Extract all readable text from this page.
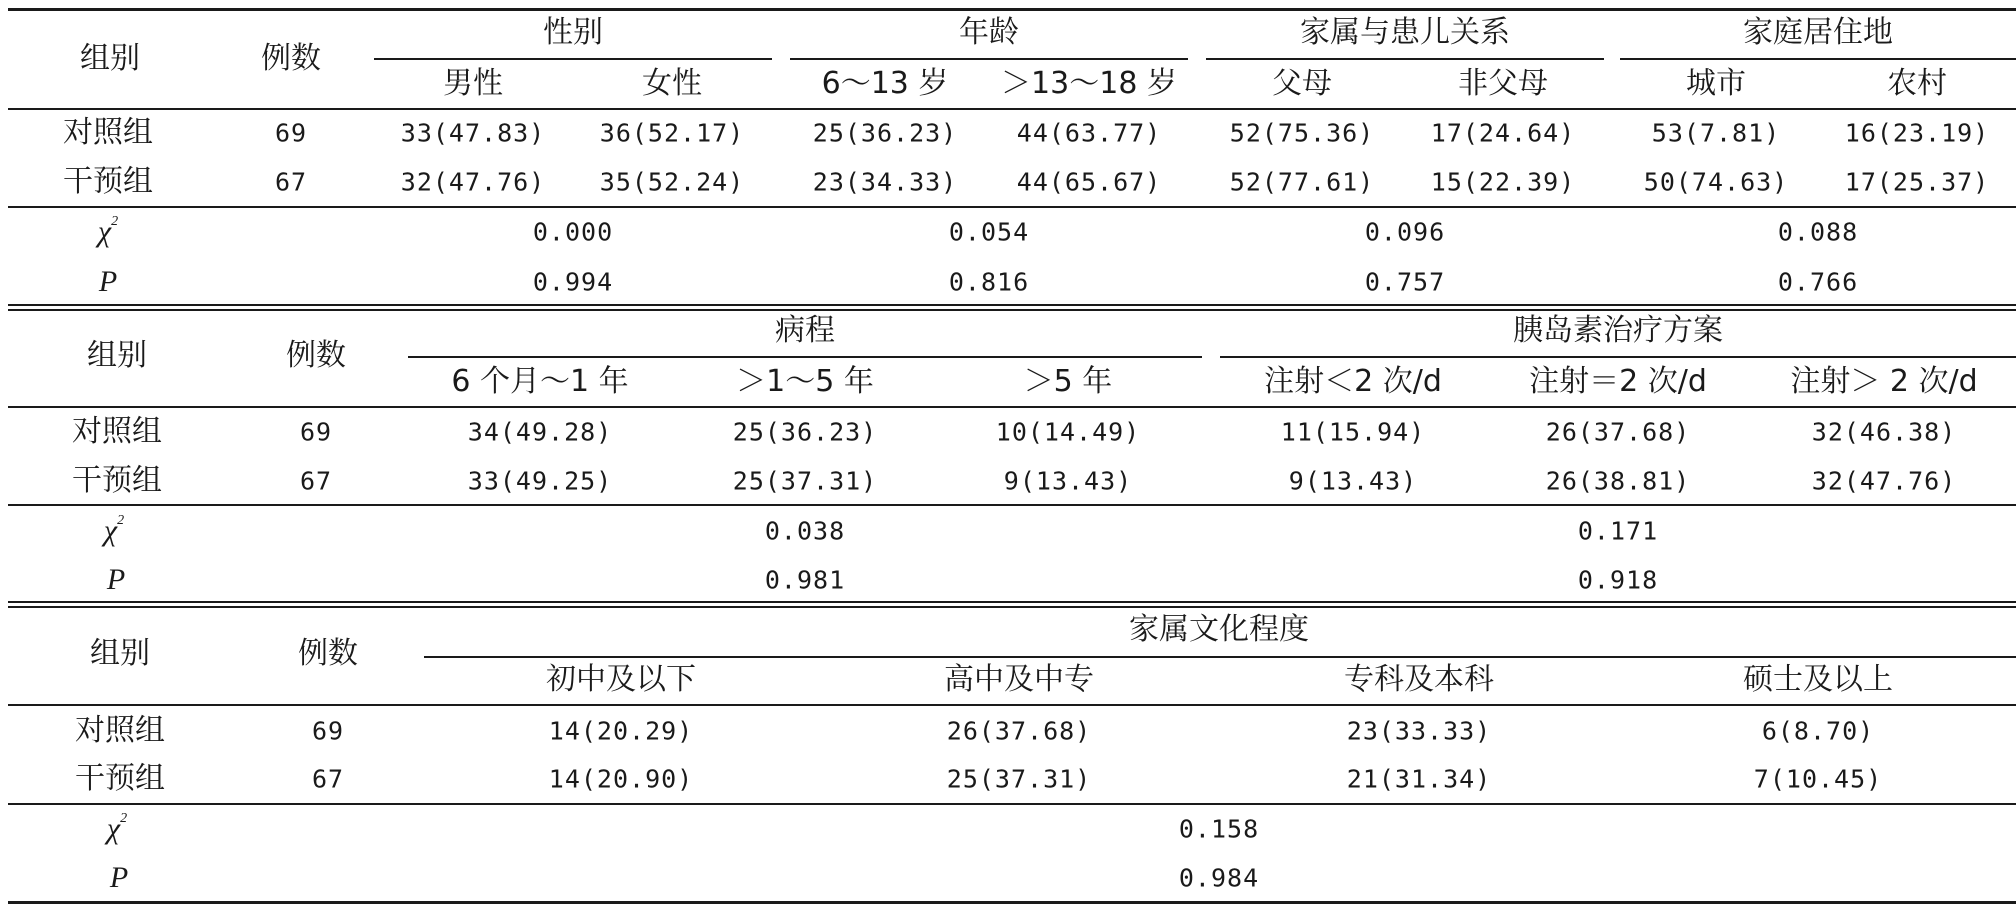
组别	例数
性别	年龄	家属与患儿关系	家庭居住地
男性	女性	6～13 岁 ＞13～18 岁	父母	非父母	城市	农村
对照组	69	33(47.83) 36(52.17)	25(36.23) 44(63.77)	52(75.36) 17(24.64)	53(7.81)	16(23.19)
干预组	67	32(47.76) 35(52.24)	23(34.33) 44(65.67)	52(77.61) 15(22.39)	50(74.63) 17(25.37)
$\chi^2$	0.000	0.054	0.096	0.088
P	0.994	0.816	0.757	0.766
组别	例数
病程	胰岛素治疗方案
6 个月～1 年	＞1～5 年	＞5 年	注射＜2 次/d	注射＝2 次/d	注射＞ 2 次/d
对照组	69	34(49.28)	25(36.23)	10(14.49)	11(15.94)	26(37.68)	32(46.38)
干预组	67	33(49.25)	25(37.31)	9(13.43)	9(13.43)	26(38.81)	32(47.76)
$\chi^2$	0.038	0.171
P	0.981	0.918
组别	例数
家属文化程度
初中及以下	高中及中专	专科及本科	硕士及以上
对照组	69	14(20.29)	26(37.68)	23(33.33)	6(8.70)
干预组	67	14(20.90)	25(37.31)	21(31.34)	7(10.45)
$\chi^2$	0.158
P	0.984
